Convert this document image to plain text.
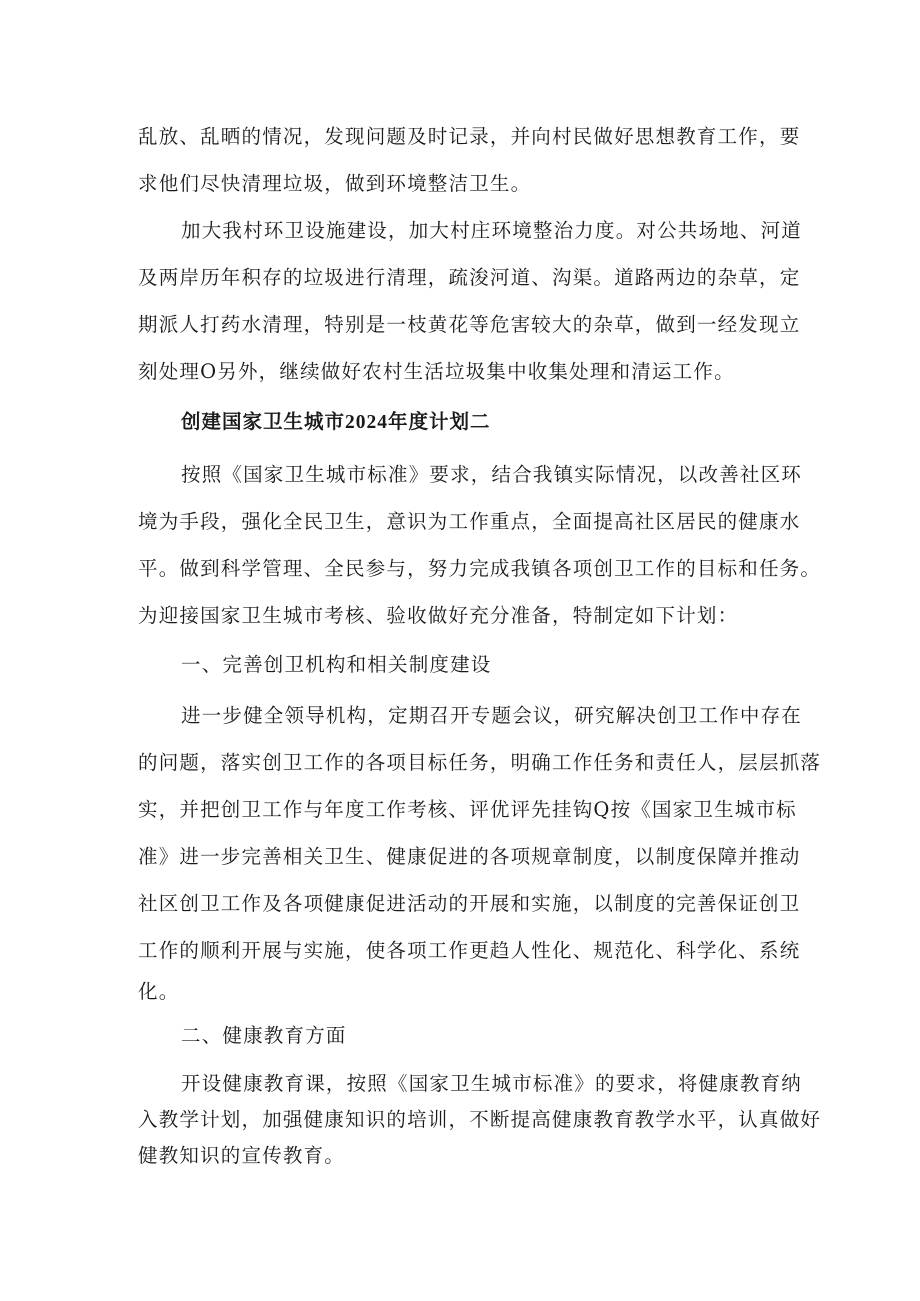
乱放、乱晒的情况，发现问题及时记录，并向村民做好思想教育工作，要
求他们尽快清理垃圾，做到环境整洁卫生。
加大我村环卫设施建设，加大村庄环境整治力度。对公共场地、河道
及两岸历年积存的垃圾进行清理，疏浚河道、沟渠。道路两边的杂草，定
期派人打药水清理，特别是一枝黄花等危害较大的杂草，做到一经发现立
刻处理O另外，继续做好农村生活垃圾集中收集处理和清运工作。
创建国家卫生城市2024年度计划二
按照《国家卫生城市标准》要求，结合我镇实际情况，以改善社区环
境为手段，强化全民卫生，意识为工作重点，全面提高社区居民的健康水
平。做到科学管理、全民参与，努力完成我镇各项创卫工作的目标和任务。
为迎接国家卫生城市考核、验收做好充分准备，特制定如下计划：
一、完善创卫机构和相关制度建设
进一步健全领导机构，定期召开专题会议，研究解决创卫工作中存在
的问题，落实创卫工作的各项目标任务，明确工作任务和责任人，层层抓落
实，并把创卫工作与年度工作考核、评优评先挂钩Q按《国家卫生城市标
准》进一步完善相关卫生、健康促进的各项规章制度，以制度保障并推动
社区创卫工作及各项健康促进活动的开展和实施，以制度的完善保证创卫
工作的顺利开展与实施，使各项工作更趋人性化、规范化、科学化、系统
化。
二、健康教育方面
开设健康教育课，按照《国家卫生城市标准》的要求，将健康教育纳
入教学计划，加强健康知识的培训，不断提高健康教育教学水平，认真做好
健教知识的宣传教育。
